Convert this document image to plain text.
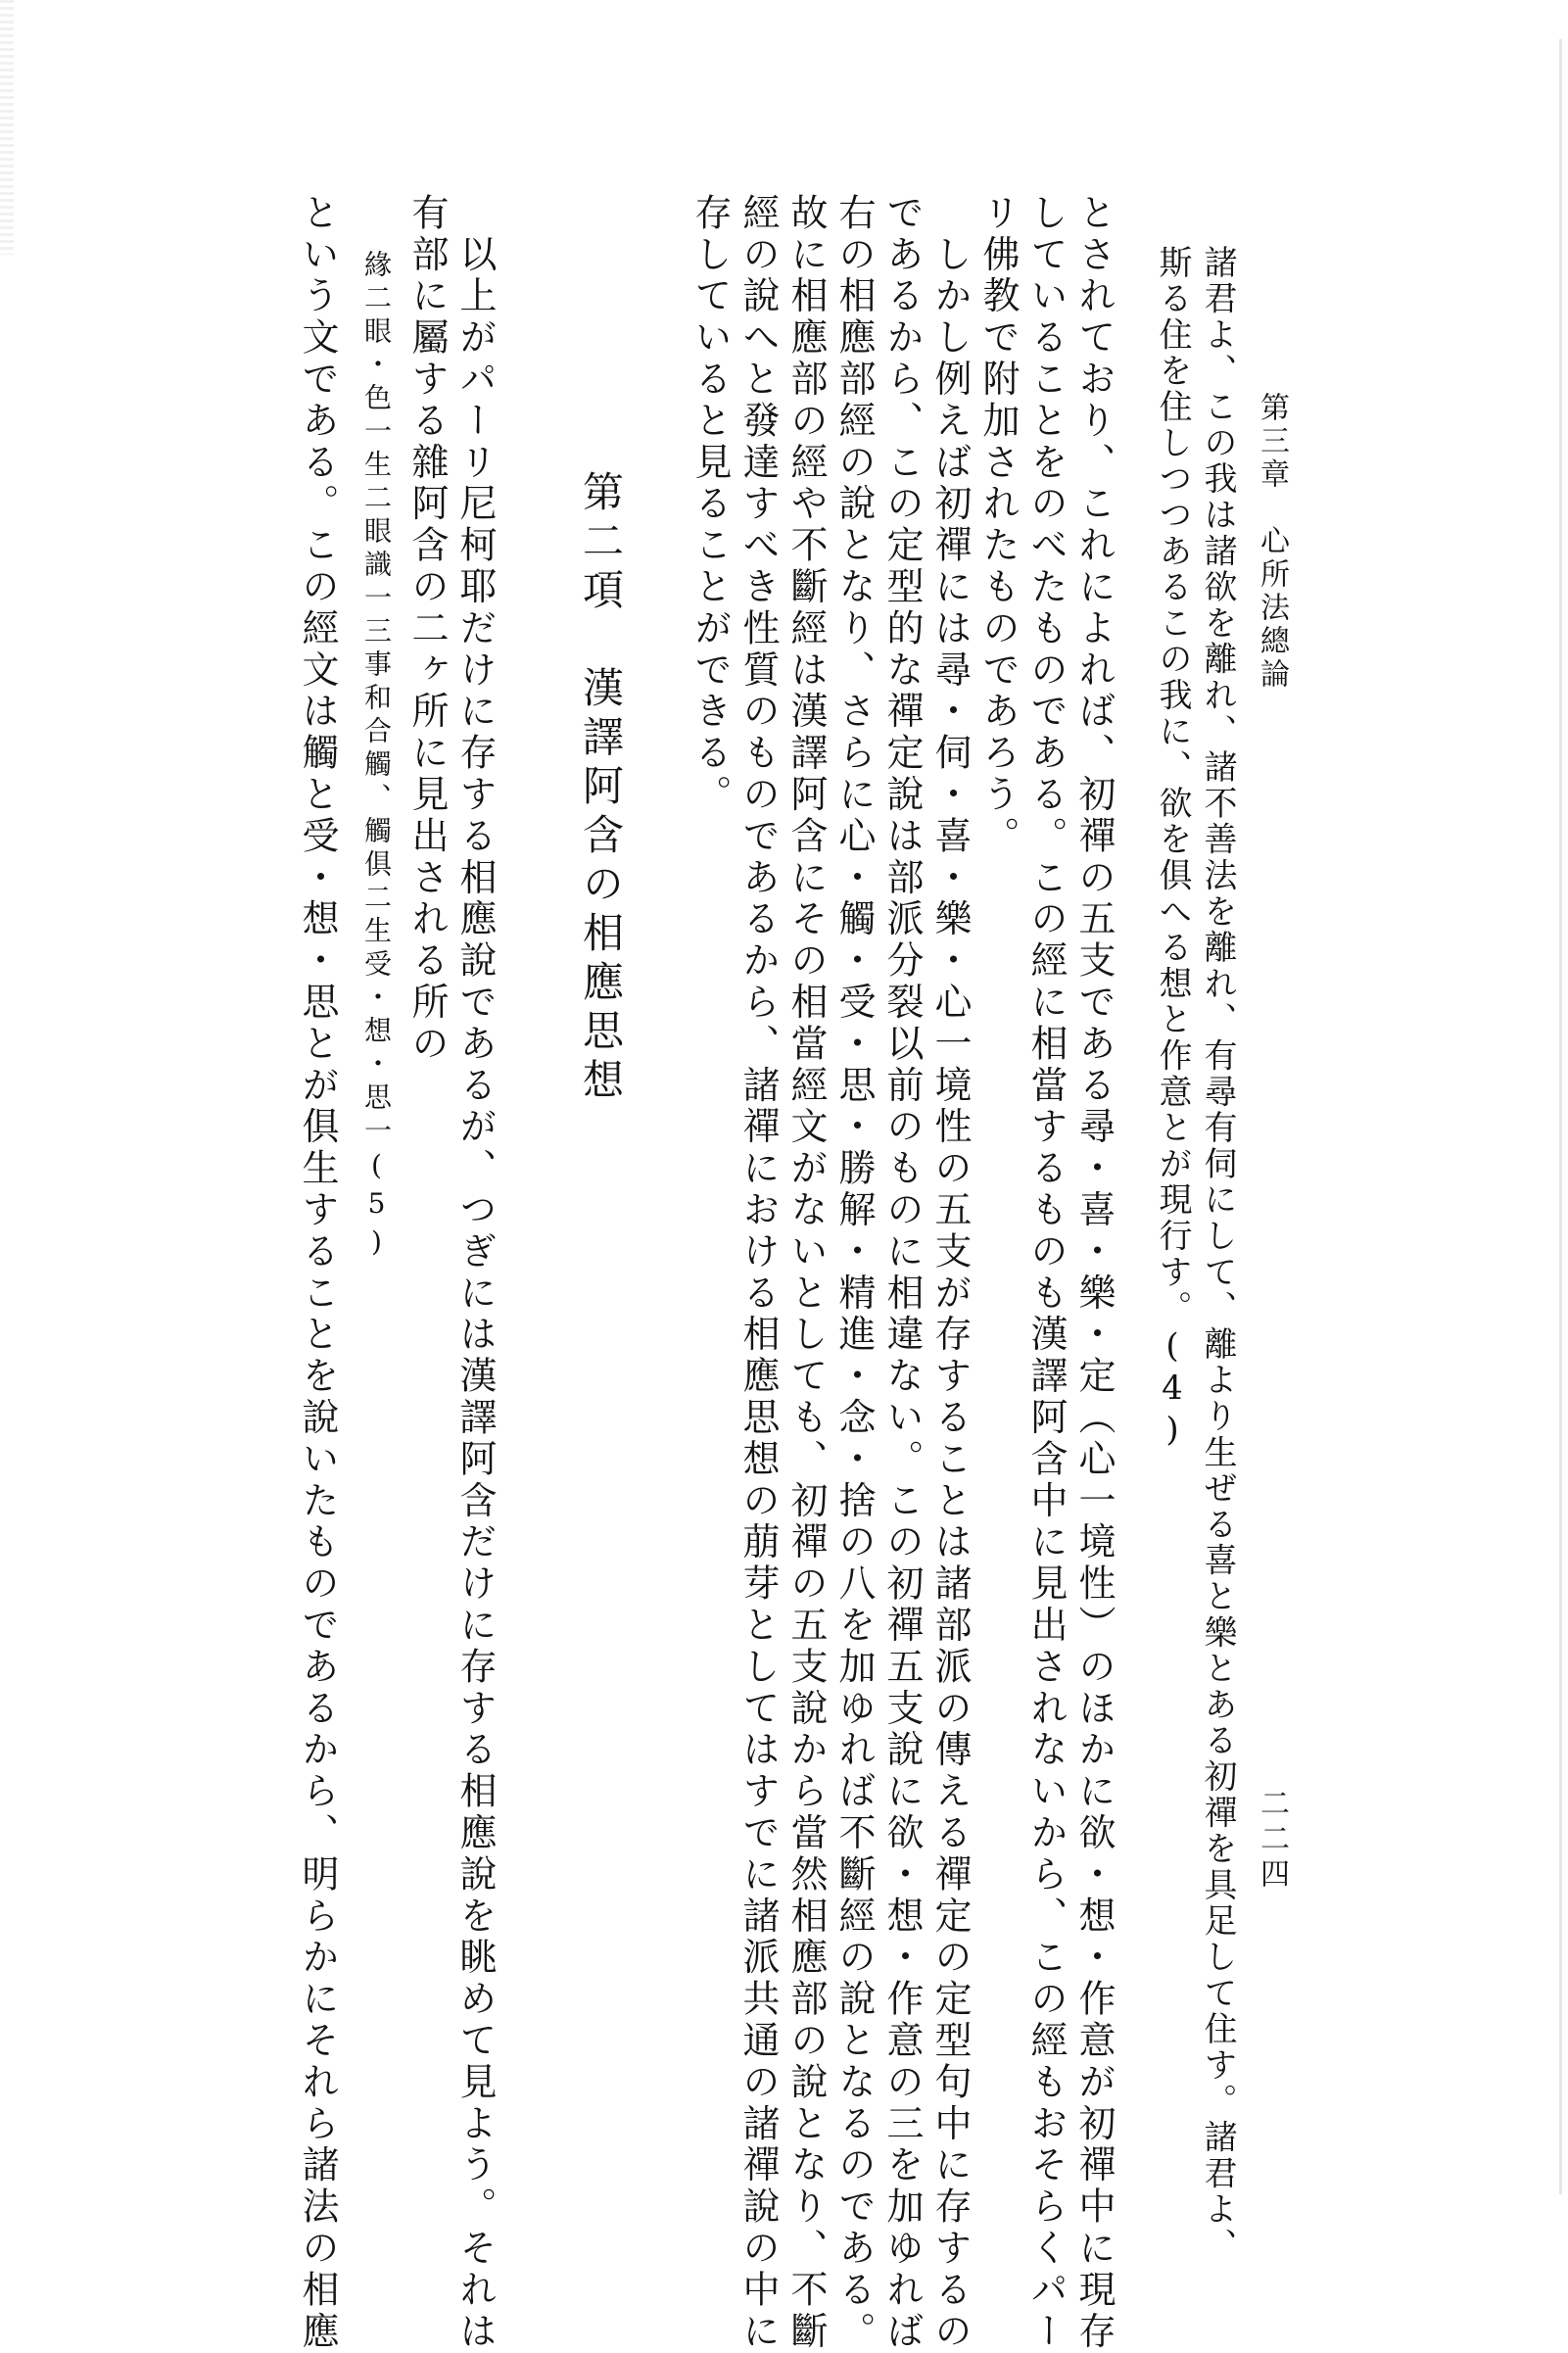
第三章　心所法總論
二二四
諸君よ、この我は諸欲を離れ、諸不善法を離れ、有尋有伺にして、離より生ぜる喜と樂とある初禪を具足して住す。諸君よ、
斯る住を住しつつあるこの我に、欲を俱へる想と作意とが現行す。(4)
とされており、これによれば、初禪の五支である尋・喜・樂・定（心一境性）のほかに欲・想・作意が初禪中に現存
していることをのべたものである。この經に相當するものも漢譯阿含中に見出されないから、この經もおそらくパー
リ佛教で附加されたものであろう。
　しかし例えば初禪には尋・伺・喜・樂・心一境性の五支が存することは諸部派の傳える禪定の定型句中に存するの
であるから、この定型的な禪定說は部派分裂以前のものに相違ない。この初禪五支說に欲・想・作意の三を加ゆれば
右の相應部經の說となり、さらに心・觸・受・思・勝解・精進・念・捨の八を加ゆれば不斷經の說となるのである。
故に相應部の經や不斷經は漢譯阿含にその相當經文がないとしても、初禪の五支說から當然相應部の說となり、不斷
經の說へと發達すべき性質のものであるから、諸禪における相應思想の萠芽としてはすでに諸派共通の諸禪說の中に
存していると見ることができる。
第二項　漢譯阿含の相應思想
　以上がパーリ尼柯耶だけに存する相應說であるが、つぎには漢譯阿含だけに存する相應說を眺めて見よう。それは
有部に屬する雜阿含の二ヶ所に見出される所の
緣二眼・色一生二眼識一三事和合觸、觸俱二生受・想・思一(5)
という文である。この經文は觸と受・想・思とが俱生することを說いたものであるから、明らかにそれら諸法の相應
